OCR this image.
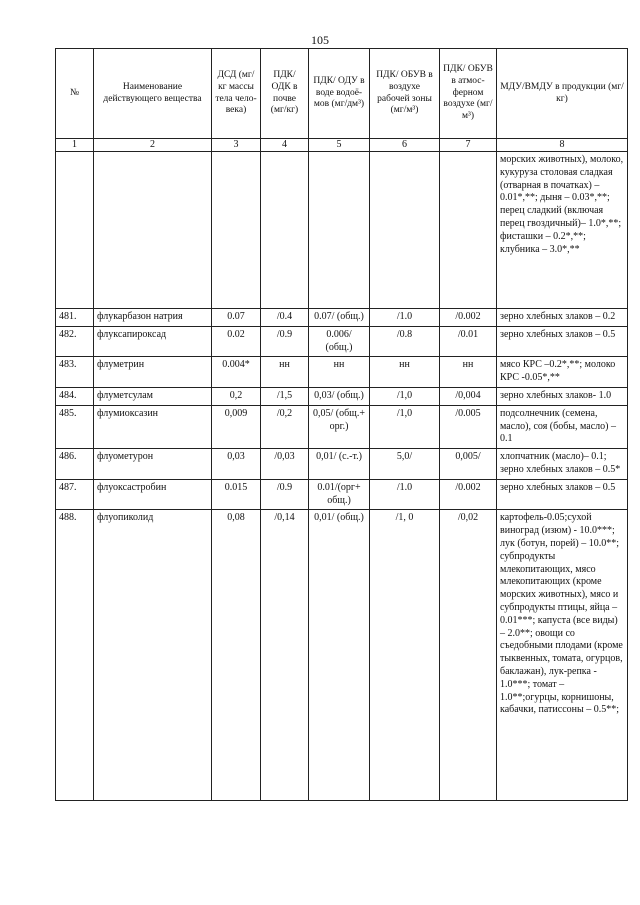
105
№	Наименование действующего вещества	ДСД (мг/кг массы тела чело-века)	ПДК/ ОДК в почве (мг/кг)	ПДК/ ОДУ в воде водоё-мов (мг/дм³)	ПДК/ ОБУВ в воздухе рабочей зоны (мг/м³)	ПДК/ ОБУВ в атмос-ферном воздухе (мг/м³)	МДУ/ВМДУ в продукции (мг/кг)
1	2	3	4	5	6	7	8
							морских животных), молоко, кукуруза столовая сладкая (отварная в початках) – 0.01*,**; дыня – 0.03*,**; перец сладкий (включая перец гвоздичный)– 1.0*,**; фисташки – 0.2*,**; клубника – 3.0*,**
481.	флукарбазон натрия	0.07	/0.4	0.07/ (общ.)	/1.0	/0.002	зерно хлебных злаков – 0.2
482.	флуксапироксад	0.02	/0.9	0.006/ (общ.)	/0.8	/0.01	зерно хлебных злаков – 0.5
483.	флуметрин	0.004*	нн	нн	нн	нн	мясо КРС –0.2*,**; молоко КРС -0.05*,**
484.	флуметсулам	0,2	/1,5	0,03/ (общ.)	/1,0	/0,004	зерно хлебных злаков- 1.0
485.	флумиоксазин	0,009	/0,2	0,05/ (общ.+ орг.)	/1,0	/0.005	подсолнечник (семена, масло), соя (бобы, масло) – 0.1
486.	флуометурон	0,03	/0,03	0,01/ (с.-т.)	5,0/	0,005/	хлопчатник (масло)– 0.1; зерно хлебных злаков – 0.5*
487.	флуоксастробин	0.015	/0.9	0.01/(орг+ общ.)	/1.0	/0.002	зерно хлебных злаков – 0.5
488.	флуопиколид	0,08	/0,14	0,01/ (общ.)	/1, 0	/0,02	картофель-0.05;сухой виноград (изюм) - 10.0***; лук (ботун, порей) – 10.0**; субпродукты млекопитающих, мясо млекопитающих (кроме морских животных), мясо и субпродукты птицы, яйца – 0.01***; капуста (все виды) – 2.0**; овощи со съедобными плодами (кроме тыквенных, томата, огурцов, баклажан), лук-репка - 1.0***; томат – 1.0**;огурцы, корнишоны, кабачки, патиссоны – 0.5**;
